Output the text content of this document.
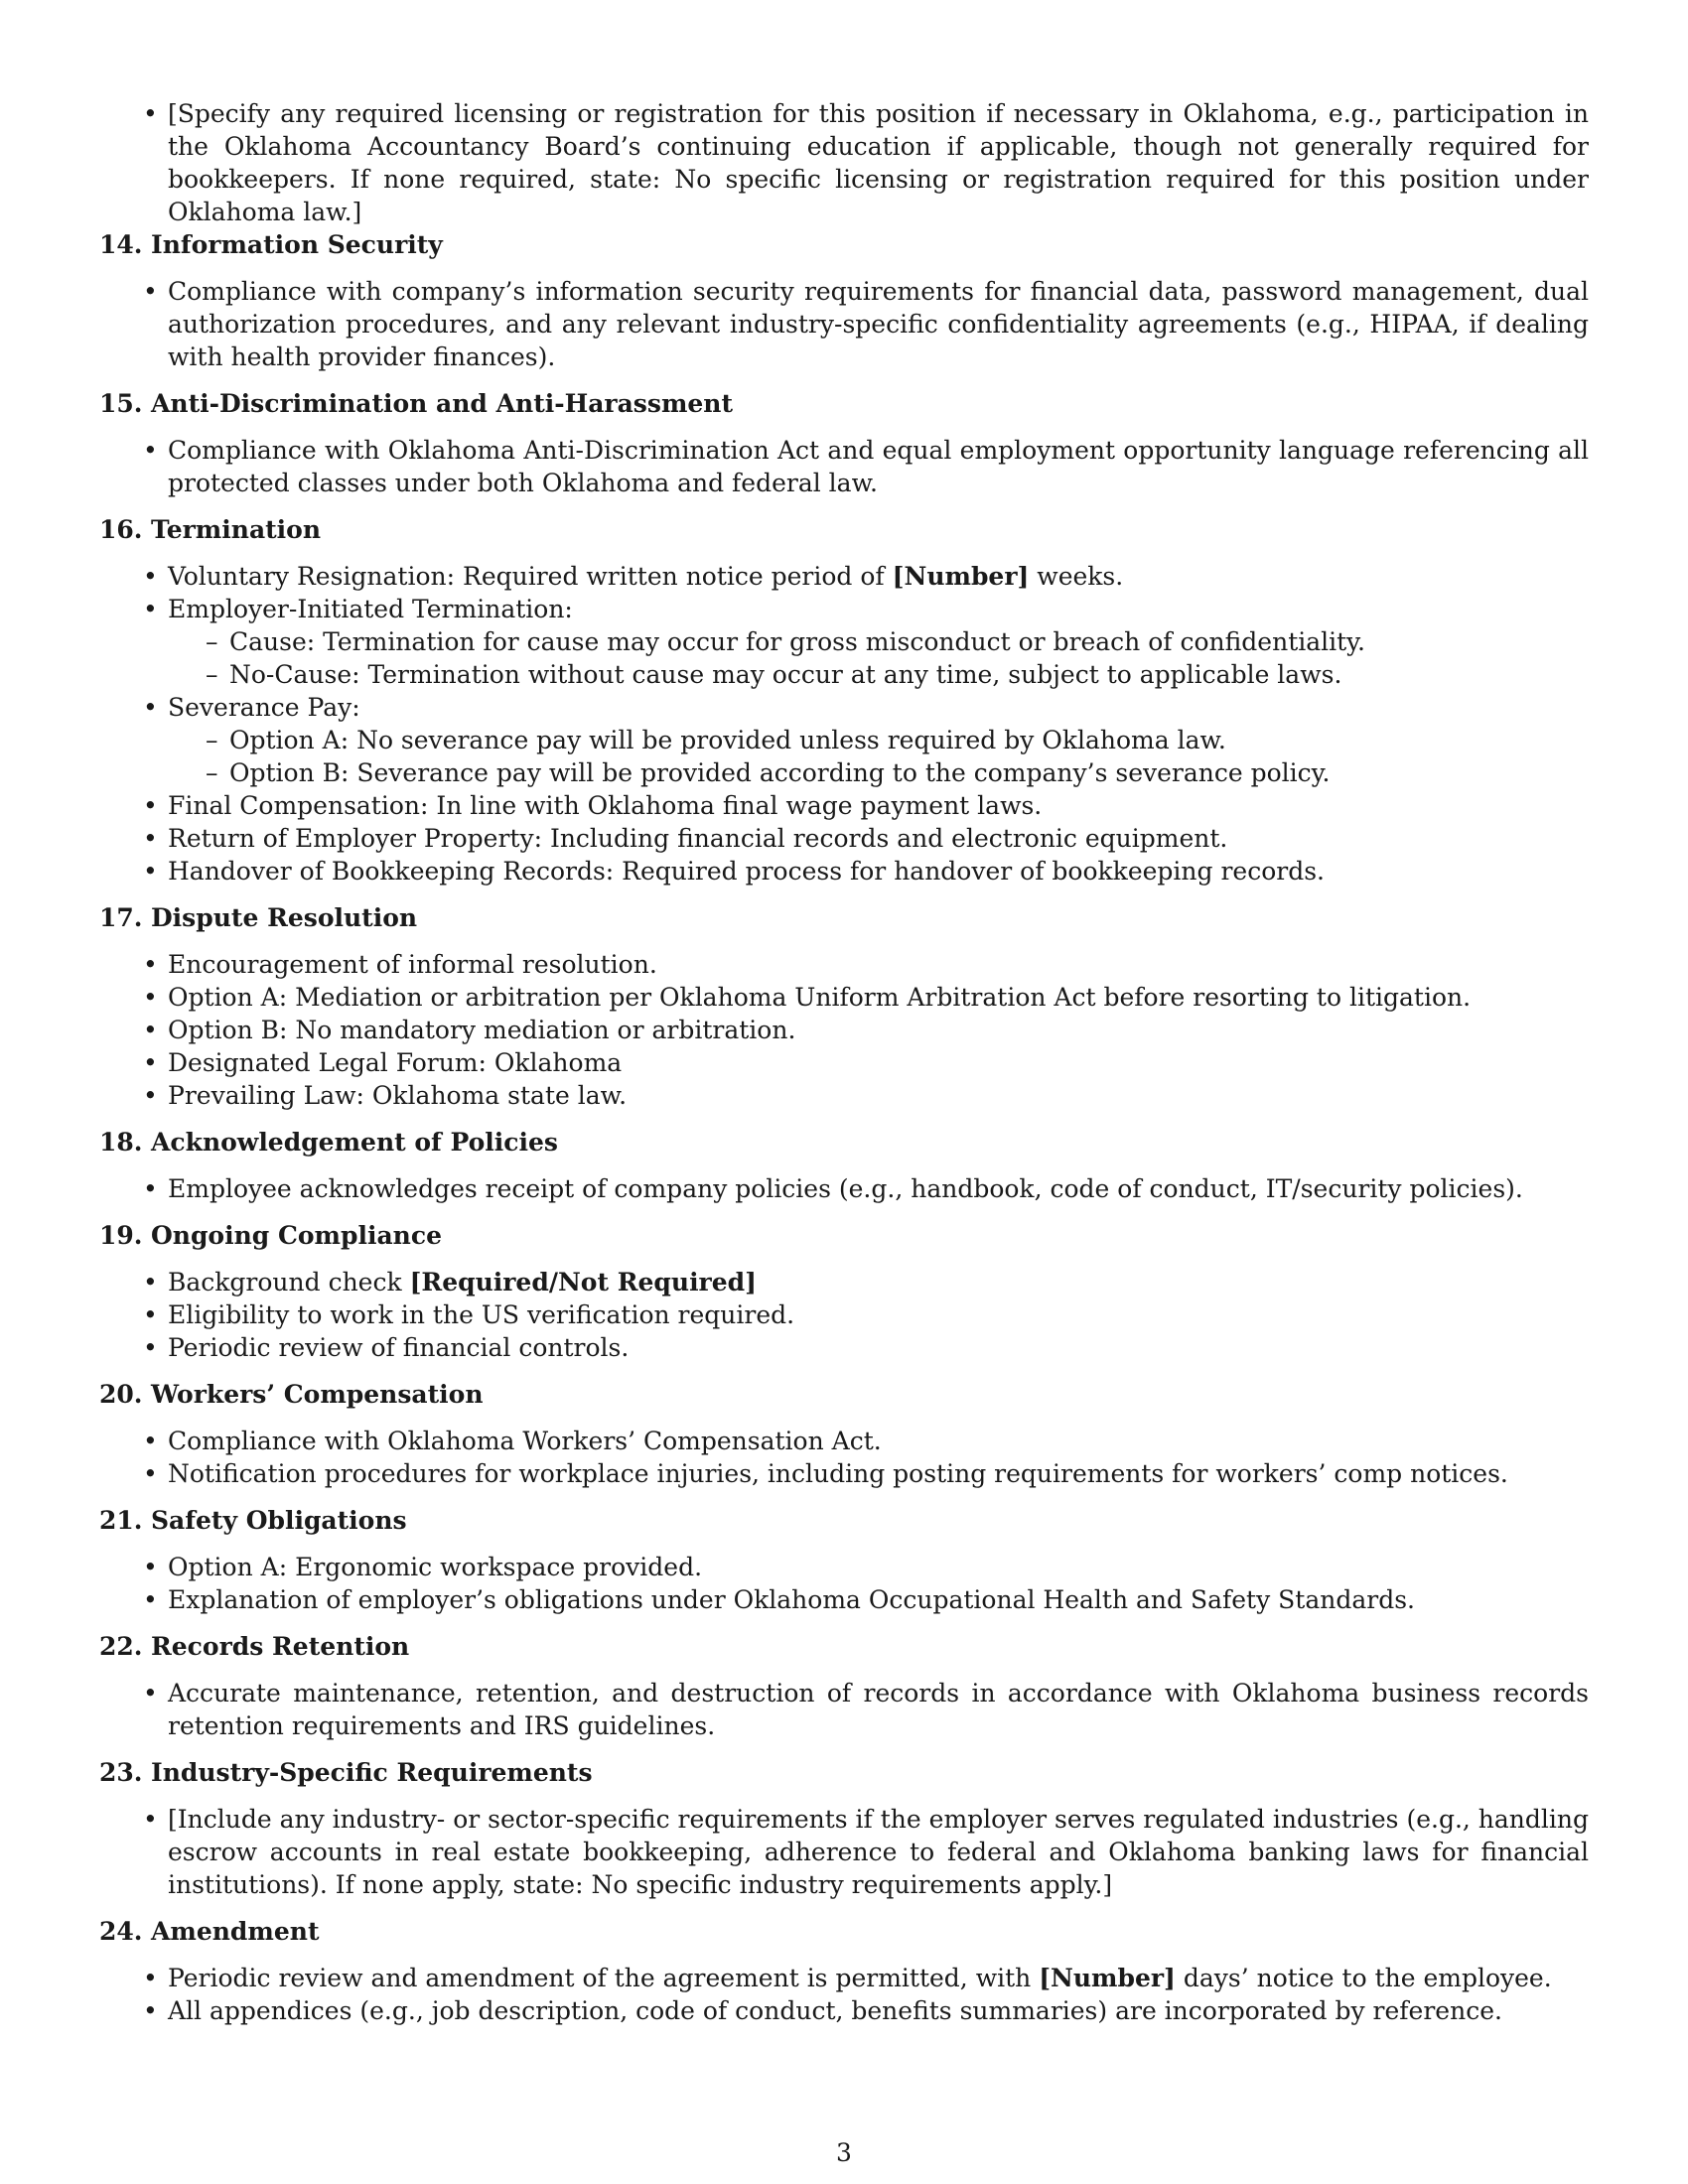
• [Specify any required licensing or registration for this position if necessary in Oklahoma, e.g., participation in the Oklahoma Accountancy Board’s continuing education if applicable, though not generally required for bookkeepers. If none required, state: No specific licensing or registration required for this position under Oklahoma law.]
14. Information Security
• Compliance with company’s information security requirements for financial data, password management, dual authorization procedures, and any relevant industry-specific confidentiality agreements (e.g., HIPAA, if dealing with health provider finances).
15. Anti-Discrimination and Anti-Harassment
• Compliance with Oklahoma Anti-Discrimination Act and equal employment opportunity language referencing all protected classes under both Oklahoma and federal law.
16. Termination
• Voluntary Resignation: Required written notice period of [Number] weeks.
• Employer-Initiated Termination:
– Cause: Termination for cause may occur for gross misconduct or breach of confidentiality.
– No-Cause: Termination without cause may occur at any time, subject to applicable laws.
• Severance Pay:
– Option A: No severance pay will be provided unless required by Oklahoma law.
– Option B: Severance pay will be provided according to the company’s severance policy.
• Final Compensation: In line with Oklahoma final wage payment laws.
• Return of Employer Property: Including financial records and electronic equipment.
• Handover of Bookkeeping Records: Required process for handover of bookkeeping records.
17. Dispute Resolution
• Encouragement of informal resolution.
• Option A: Mediation or arbitration per Oklahoma Uniform Arbitration Act before resorting to litigation.
• Option B: No mandatory mediation or arbitration.
• Designated Legal Forum: Oklahoma
• Prevailing Law: Oklahoma state law.
18. Acknowledgement of Policies
• Employee acknowledges receipt of company policies (e.g., handbook, code of conduct, IT/security policies).
19. Ongoing Compliance
• Background check [Required/Not Required]
• Eligibility to work in the US verification required.
• Periodic review of financial controls.
20. Workers’ Compensation
• Compliance with Oklahoma Workers’ Compensation Act.
• Notification procedures for workplace injuries, including posting requirements for workers’ comp notices.
21. Safety Obligations
• Option A: Ergonomic workspace provided.
• Explanation of employer’s obligations under Oklahoma Occupational Health and Safety Standards.
22. Records Retention
• Accurate maintenance, retention, and destruction of records in accordance with Oklahoma business records retention requirements and IRS guidelines.
23. Industry-Specific Requirements
• [Include any industry- or sector-specific requirements if the employer serves regulated industries (e.g., handling escrow accounts in real estate bookkeeping, adherence to federal and Oklahoma banking laws for financial institutions). If none apply, state: No specific industry requirements apply.]
24. Amendment
• Periodic review and amendment of the agreement is permitted, with [Number] days’ notice to the employee.
• All appendices (e.g., job description, code of conduct, benefits summaries) are incorporated by reference.
3
